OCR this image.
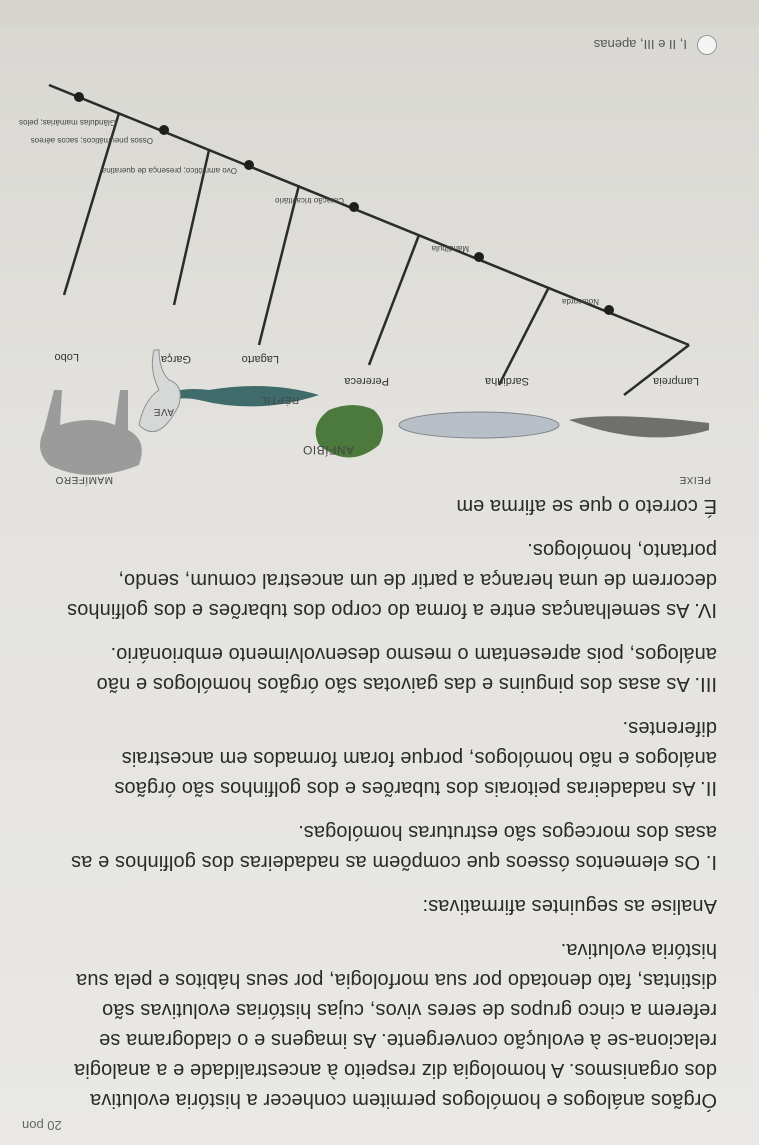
20 pon
Órgãos análogos e homólogos permitem conhecer a história evolutiva
dos organismos. A homologia diz respeito à ancestralidade e a analogia
relaciona-se à evolução convergente. As imagens e o cladograma se
referem a cinco grupos de seres vivos, cujas histórias evolutivas são
distintas, fato denotado por sua morfologia, por seus hábitos e pela sua
história evolutiva.
Analise as seguintes afirmativas:
I. Os elementos ósseos que compõem as nadadeiras dos golfinhos e as
asas dos morcegos são estruturas homólogas.
II. As nadadeiras peitorais dos tubarões e dos golfinhos são órgãos
análogos e não homólogos, porque foram formados em ancestrais
diferentes.
III. As asas dos pinguins e das gaivotas são órgãos homólogos e não
análogos, pois apresentam o mesmo desenvolvimento embrionário.
IV. As semelhanças entre a forma do corpo dos tubarões e dos golfinhos
decorrem de uma herança a partir de um ancestral comum, sendo,
portanto, homólogos.
É correto o que se afirma em
PEIXE
ANFÍBIO
RÉPTIL
AVE
MAMÍFERO
Lampreia
Sardinha
Perereca
Lagarto
Garça
Lobo
Notocorda
Mandíbula
Coração tricavitário
Ovo amniótico; presença de queratina
Ossos pneumáticos; sacos aéreos
Glândulas mamárias; pelos
I, II e III, apenas
